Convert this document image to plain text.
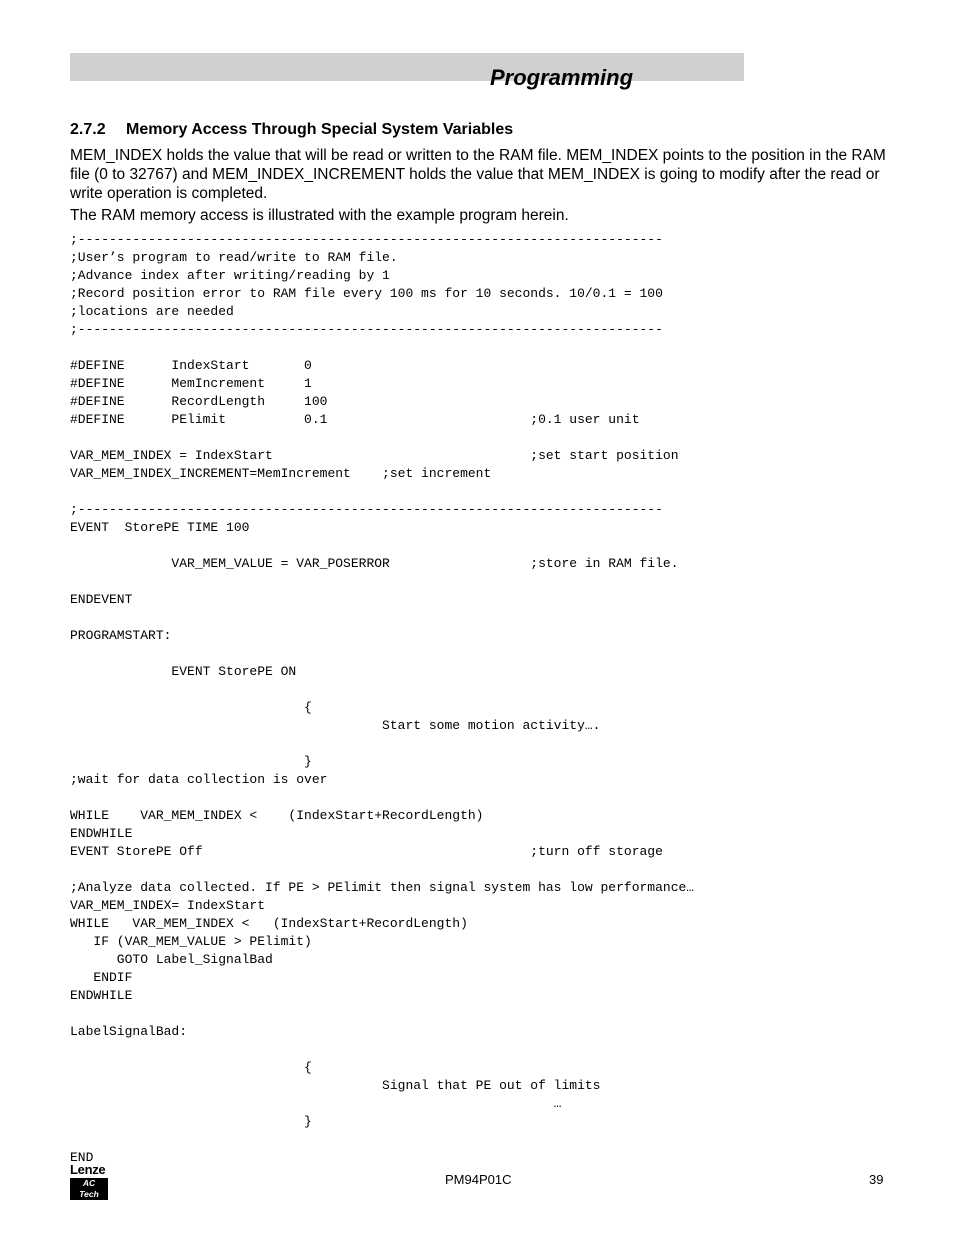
Programming
2.7.2 Memory Access Through Special System Variables
MEM_INDEX holds the value that will be read or written to the RAM file. MEM_INDEX points to the position in the RAM file (0 to 32767) and MEM_INDEX_INCREMENT holds the value that MEM_INDEX is going to modify after the read or write operation is completed.
The RAM memory access is illustrated with the example program herein.
;---------------------------------------------------------------------------
;User’s program to read/write to RAM file.
;Advance index after writing/reading by 1
;Record position error to RAM file every 100 ms for 10 seconds. 10/0.1 = 100
;locations are needed
;---------------------------------------------------------------------------
#DEFINE      IndexStart       0
#DEFINE      MemIncrement     1
#DEFINE      RecordLength     100
#DEFINE      PElimit          0.1                          ;0.1 user unit
VAR_MEM_INDEX = IndexStart                                 ;set start position
VAR_MEM_INDEX_INCREMENT=MemIncrement    ;set increment
;---------------------------------------------------------------------------
EVENT  StorePE TIME 100
VAR_MEM_VALUE = VAR_POSERROR                  ;store in RAM file.
ENDEVENT
PROGRAMSTART:
EVENT StorePE ON
{
Start some motion activity….
}
;wait for data collection is over
WHILE    VAR_MEM_INDEX <    (IndexStart+RecordLength)
ENDWHILE
EVENT StorePE Off                                          ;turn off storage
;Analyze data collected. If PE > PElimit then signal system has low performance…
VAR_MEM_INDEX= IndexStart
WHILE   VAR_MEM_INDEX <   (IndexStart+RecordLength)
IF (VAR_MEM_VALUE > PElimit)
GOTO Label_SignalBad
ENDIF
ENDWHILE
LabelSignalBad:
{
Signal that PE out of limits
…
}
END
Lenze
AC Tech
PM94P01C	39
